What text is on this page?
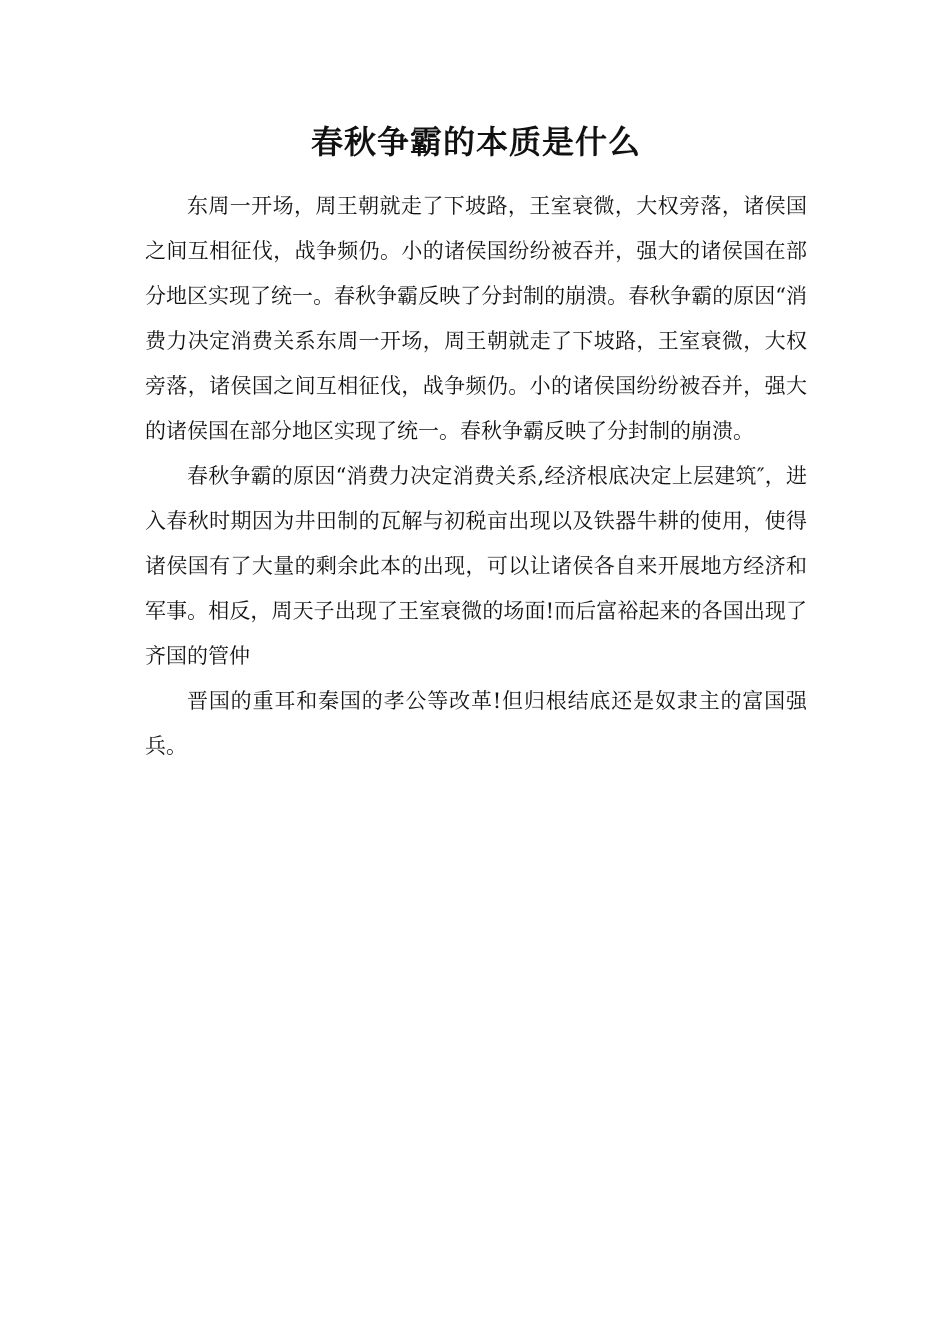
春秋争霸的本质是什么

东周一开场，周王朝就走了下坡路，王室衰微，大权旁落，诸侯国之间互相征伐，战争频仍。小的诸侯国纷纷被吞并，强大的诸侯国在部分地区实现了统一。春秋争霸反映了分封制的崩溃。春秋争霸的原因“消费力决定消费关系东周一开场，周王朝就走了下坡路，王室衰微，大权旁落，诸侯国之间互相征伐，战争频仍。小的诸侯国纷纷被吞并，强大的诸侯国在部分地区实现了统一。春秋争霸反映了分封制的崩溃。

春秋争霸的原因“消费力决定消费关系,经济根底决定上层建筑″，进入春秋时期因为井田制的瓦解与初税亩出现以及铁器牛耕的使用，使得诸侯国有了大量的剩余此本的出现，可以让诸侯各自来开展地方经济和军事。相反，周天子出现了王室衰微的场面!而后富裕起来的各国出现了齐国的管仲

晋国的重耳和秦国的孝公等改革!但归根结底还是奴隶主的富国强兵。
